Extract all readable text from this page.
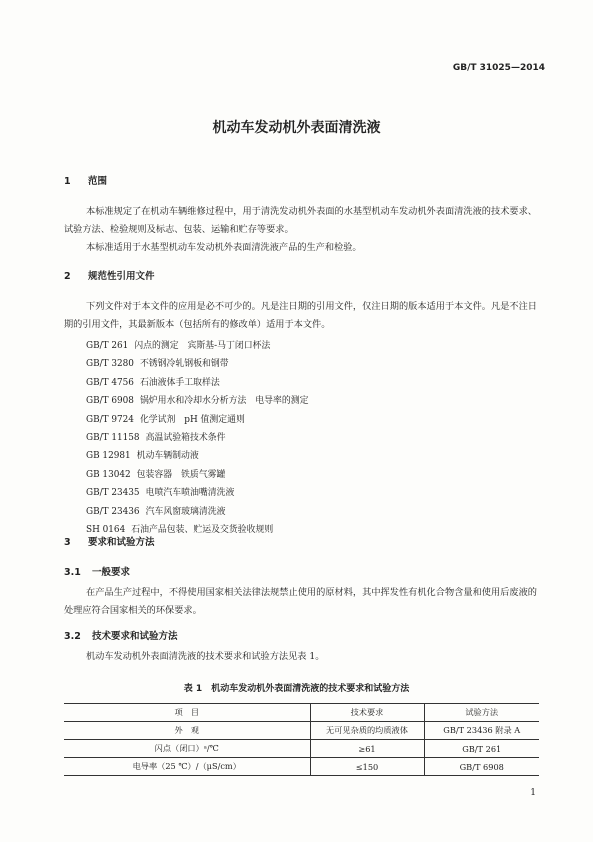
GB/T 31025—2014
机动车发动机外表面清洗液
1 范围

本标准规定了在机动车辆维修过程中，用于清洗发动机外表面的水基型机动车发动机外表面清洗液的技术要求、试验方法、检验规则及标志、包装、运输和贮存等要求。

本标准适用于水基型机动车发动机外表面清洗液产品的生产和检验。

2 规范性引用文件

下列文件对于本文件的应用是必不可少的。凡是注日期的引用文件，仅注日期的版本适用于本文件。凡是不注日期的引用文件，其最新版本（包括所有的修改单）适用于本文件。

GB/T 261 闪点的测定　宾斯基-马丁闭口杯法
GB/T 3280 不锈钢冷轧钢板和钢带
GB/T 4756 石油液体手工取样法
GB/T 6908 锅炉用水和冷却水分析方法　电导率的测定
GB/T 9724 化学试剂　pH 值测定通则
GB/T 11158 高温试验箱技术条件
GB 12981 机动车辆制动液
GB 13042 包装容器　铁质气雾罐
GB/T 23435 电喷汽车喷油嘴清洗液
GB/T 23436 汽车风窗玻璃清洗液
SH 0164 石油产品包装、贮运及交货验收规则
3 要求和试验方法
3.1 一般要求

在产品生产过程中，不得使用国家相关法律法规禁止使用的原材料，其中挥发性有机化合物含量和使用后废液的处理应符合国家相关的环保要求。

3.2 技术要求和试验方法

机动车发动机外表面清洗液的技术要求和试验方法见表 1。

表 1　机动车发动机外表面清洗液的技术要求和试验方法
项　目	技术要求	试验方法
外　观	无可见杂质的均质液体	GB/T 23436 附录 A
闪点（闭口）ᵃ/℃	≥61	GB/T 261
电导率（25 ℃）/（μS/cm）	≤150	GB/T 6908
1
